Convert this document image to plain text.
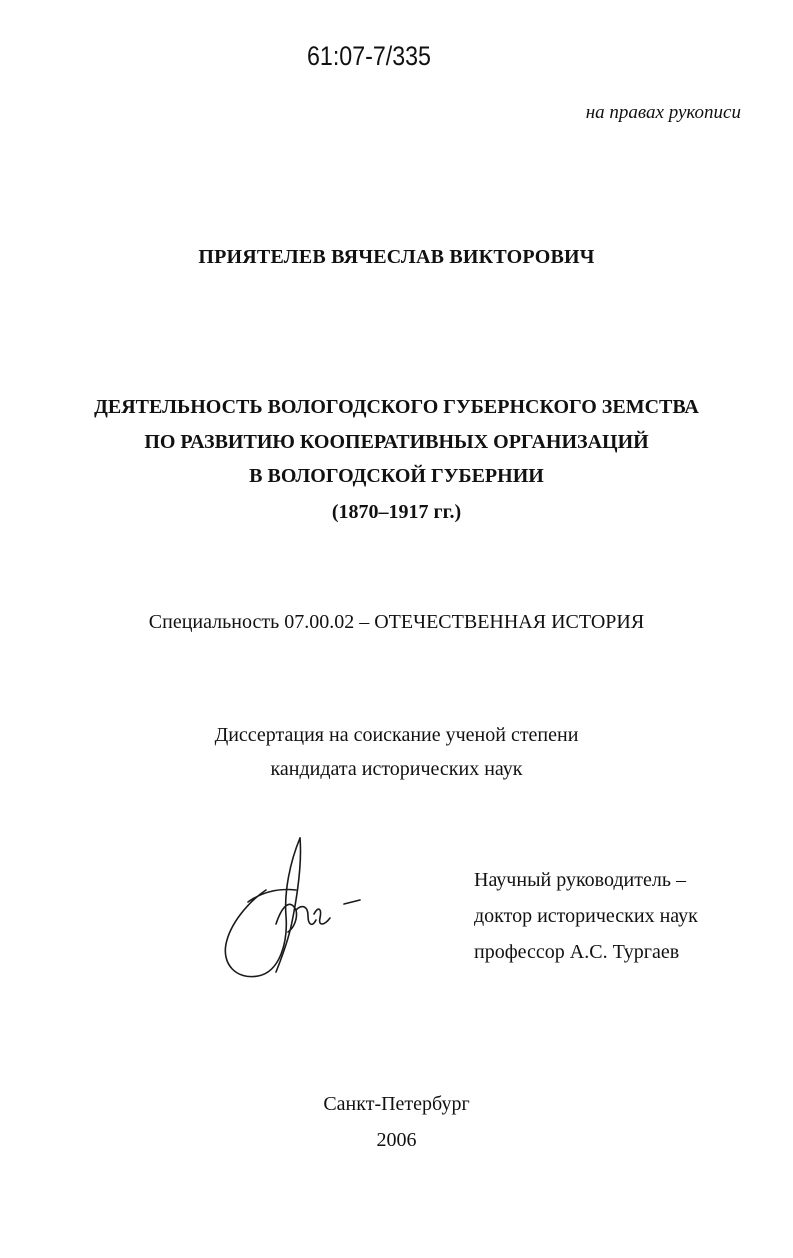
61:07-7/335
на правах рукописи
ПРИЯТЕЛЕВ ВЯЧЕСЛАВ ВИКТОРОВИЧ
ДЕЯТЕЛЬНОСТЬ ВОЛОГОДСКОГО ГУБЕРНСКОГО ЗЕМСТВА
ПО РАЗВИТИЮ КООПЕРАТИВНЫХ ОРГАНИЗАЦИЙ
В ВОЛОГОДСКОЙ ГУБЕРНИИ
(1870–1917 гг.)
Специальность 07.00.02 – ОТЕЧЕСТВЕННАЯ ИСТОРИЯ
Диссертация на соискание ученой степени
кандидата исторических наук
Научный руководитель –
доктор исторических наук
профессор А.С. Тургаев
Санкт-Петербург
2006
